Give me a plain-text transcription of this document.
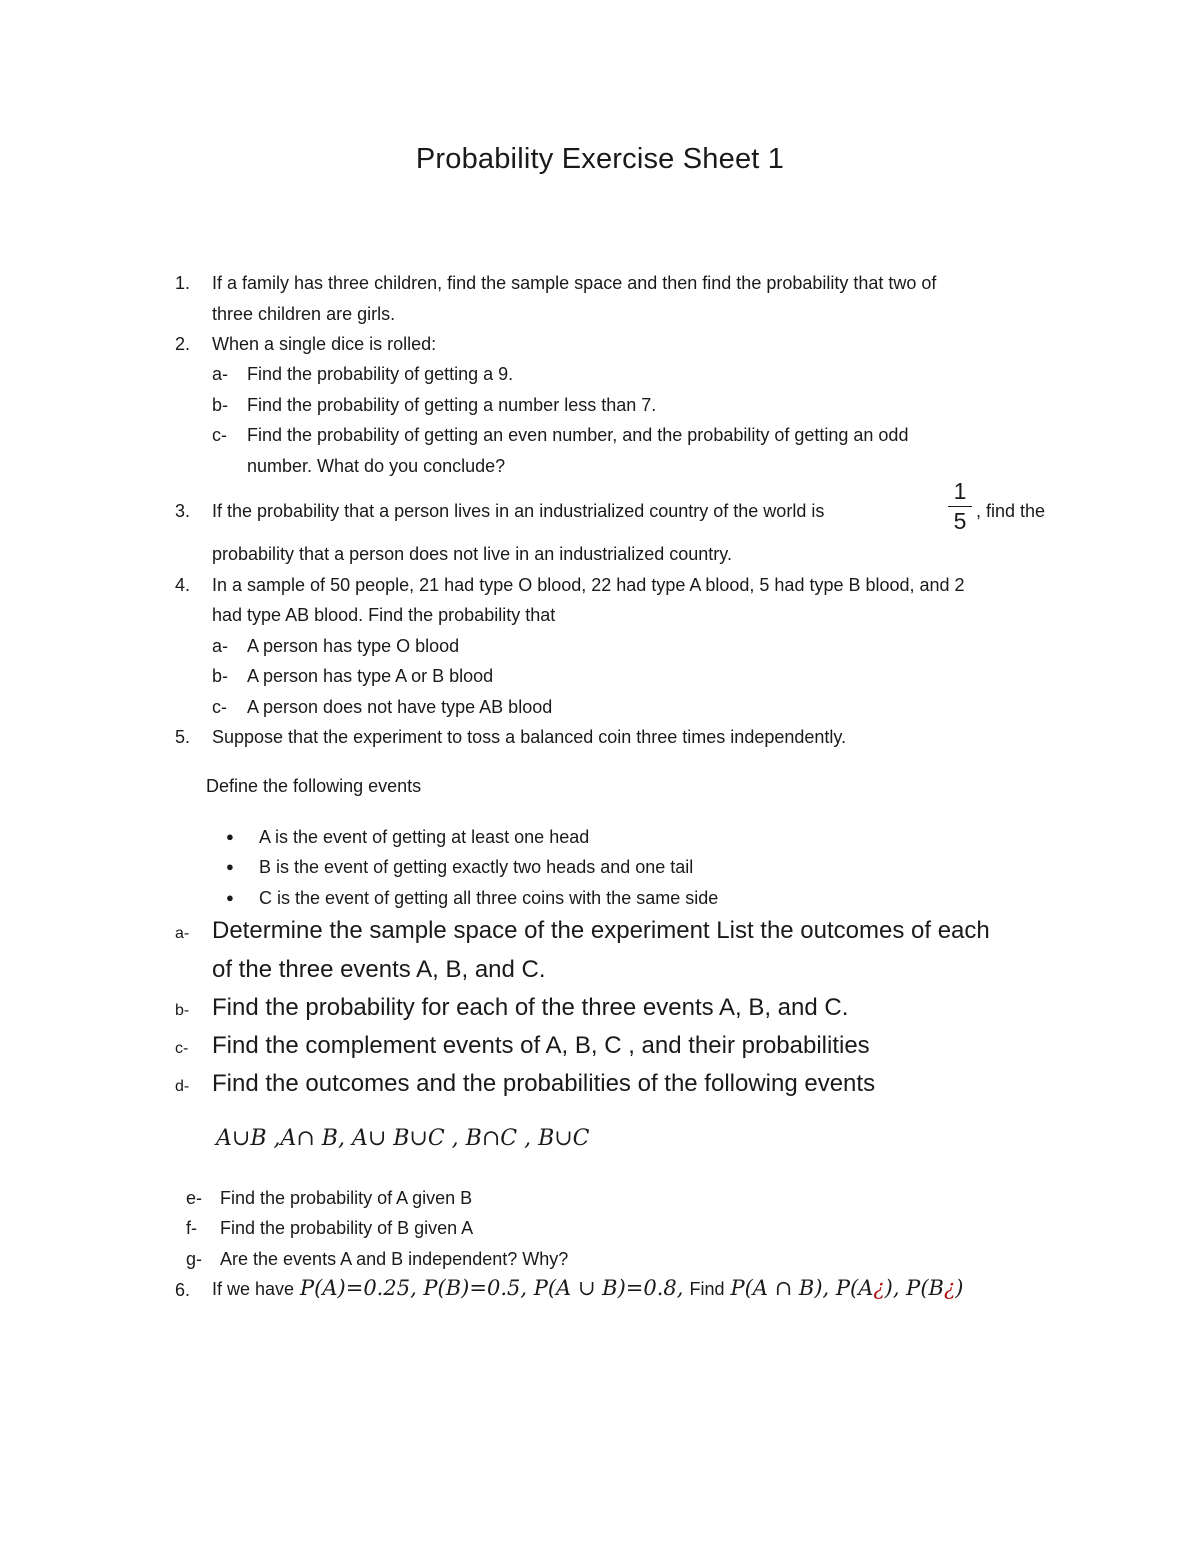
Probability Exercise Sheet 1
1. If a family has three children, find the sample space and then find the probability that two of
three children are girls.
2. When a single dice is rolled:
a- Find the probability of getting a 9.
b- Find the probability of getting a number less than 7.
c- Find the probability of getting an even number, and the probability of getting an odd
number. What do you conclude?
3. If the probability that a person lives in an industrialized country of the world is
1
5 , find the
probability that a person does not live in an industrialized country.
4. In a sample of 50 people, 21 had type O blood, 22 had type A blood, 5 had type B blood, and 2
had type AB blood. Find the probability that
a- A person has type O blood
b- A person has type A or B blood
c- A person does not have type AB blood
5. Suppose that the experiment to toss a balanced coin three times independently.
Define the following events
● A is the event of getting at least one head
● B is the event of getting exactly two heads and one tail
● C is the event of getting all three coins with the same side
a- Determine the sample space of the experiment List the outcomes of each
of the three events A, B, and C.
b- Find the probability for each of the three events A, B, and C.
c- Find the complement events of A, B, C , and their probabilities
d- Find the outcomes and the probabilities of the following events
A∪B ,A∩ B, A∪ B∪C , B∩C , B∪C
e- Find the probability of A given B
f- Find the probability of B given A
g- Are the events A and B independent? Why?
6. If we have P(A)=0.25, P(B)=0.5, P(A ∪ B)=0.8, Find P(A ∩ B), P(A ¿ ), P(B ¿ )
